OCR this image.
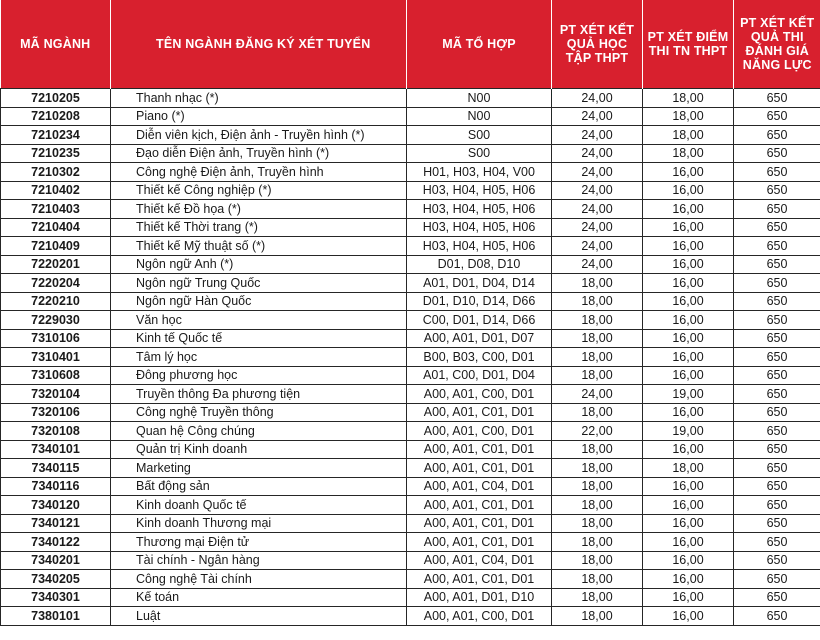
MÃ NGÀNH	TÊN NGÀNH ĐĂNG KÝ XÉT TUYỂN	MÃ TỔ HỢP	PT XÉT KẾT QUẢ HỌC TẬP THPT	PT XÉT ĐIỂM THI TN THPT	PT XÉT KẾT QUẢ THI ĐÁNH GIÁ NĂNG LỰC
7210205	Thanh nhạc (*)	N00	24,00	18,00	650
7210208	Piano (*)	N00	24,00	18,00	650
7210234	Diễn viên kịch, Điện ảnh - Truyền hình (*)	S00	24,00	18,00	650
7210235	Đạo diễn Điện ảnh, Truyền hình (*)	S00	24,00	18,00	650
7210302	Công nghệ Điện ảnh, Truyền hình	H01, H03, H04, V00	24,00	16,00	650
7210402	Thiết kế Công nghiệp (*)	H03, H04, H05, H06	24,00	16,00	650
7210403	Thiết kế Đồ họa (*)	H03, H04, H05, H06	24,00	16,00	650
7210404	Thiết kế Thời trang (*)	H03, H04, H05, H06	24,00	16,00	650
7210409	Thiết kế Mỹ thuật số (*)	H03, H04, H05, H06	24,00	16,00	650
7220201	Ngôn ngữ Anh (*)	D01, D08, D10	24,00	16,00	650
7220204	Ngôn ngữ Trung Quốc	A01, D01, D04, D14	18,00	16,00	650
7220210	Ngôn ngữ Hàn Quốc	D01, D10, D14, D66	18,00	16,00	650
7229030	Văn học	C00, D01, D14, D66	18,00	16,00	650
7310106	Kinh tế Quốc tế	A00, A01, D01, D07	18,00	16,00	650
7310401	Tâm lý học	B00, B03, C00, D01	18,00	16,00	650
7310608	Đông phương học	A01, C00, D01, D04	18,00	16,00	650
7320104	Truyền thông Đa phương tiện	A00, A01, C00, D01	24,00	19,00	650
7320106	Công nghệ Truyền thông	A00, A01, C01, D01	18,00	16,00	650
7320108	Quan hệ Công chúng	A00, A01, C00, D01	22,00	19,00	650
7340101	Quản trị Kinh doanh	A00, A01, C01, D01	18,00	16,00	650
7340115	Marketing	A00, A01, C01, D01	18,00	18,00	650
7340116	Bất động sản	A00, A01, C04, D01	18,00	16,00	650
7340120	Kinh doanh Quốc tế	A00, A01, C01, D01	18,00	16,00	650
7340121	Kinh doanh Thương mại	A00, A01, C01, D01	18,00	16,00	650
7340122	Thương mại Điện tử	A00, A01, C01, D01	18,00	16,00	650
7340201	Tài chính - Ngân hàng	A00, A01, C04, D01	18,00	16,00	650
7340205	Công nghệ Tài chính	A00, A01, C01, D01	18,00	16,00	650
7340301	Kế toán	A00, A01, D01, D10	18,00	16,00	650
7380101	Luật	A00, A01, C00, D01	18,00	16,00	650
